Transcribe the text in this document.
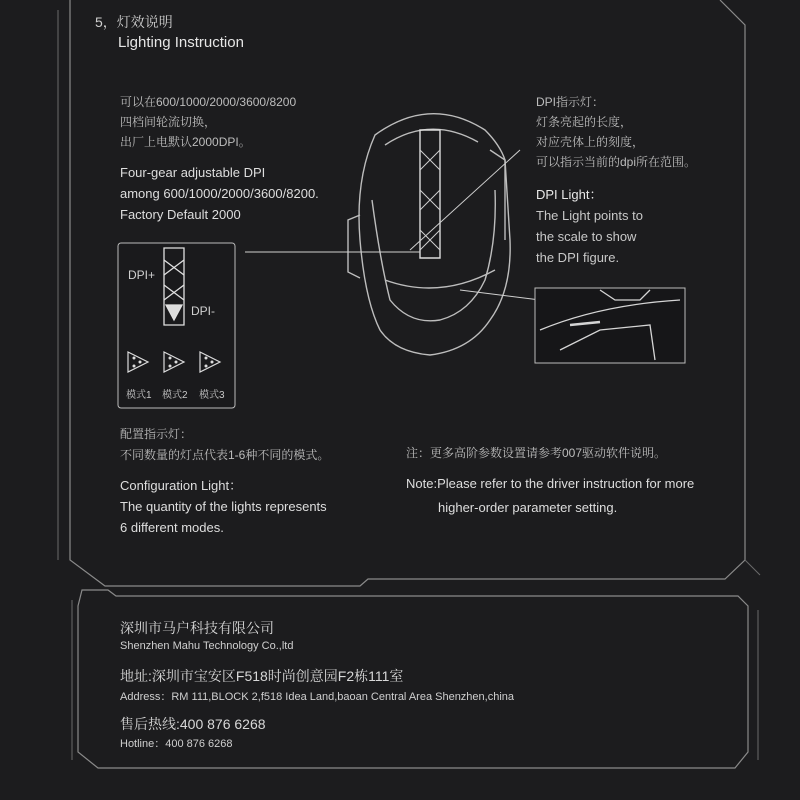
5，灯效说明
Lighting Instruction
可以在600/1000/2000/3600/8200
四档间轮流切换，
出厂上电默认2000DPI。
Four-gear adjustable DPI
among 600/1000/2000/3600/8200.
Factory Default 2000
DPI指示灯：
灯条亮起的长度，
对应壳体上的刻度，
可以指示当前的dpi所在范围。
DPI Light：
The Light points to
the scale to show
the DPI figure.
DPI+
DPI-
模式1 模式2 模式3
配置指示灯：
不同数量的灯点代表1-6种不同的模式。
Configuration Light：
The quantity of the lights represents
6 different modes.
注：更多高阶参数设置请参考007驱动软件说明。
Note:Please refer to the driver instruction for more
higher-order parameter setting.
深圳市马户科技有限公司
Shenzhen Mahu Technology Co.,ltd
地址:深圳市宝安区F518时尚创意园F2栋111室
Address：RM 111,BLOCK 2,f518 Idea Land,baoan Central Area Shenzhen,china
售后热线:400 876 6268
Hotline：400 876 6268
